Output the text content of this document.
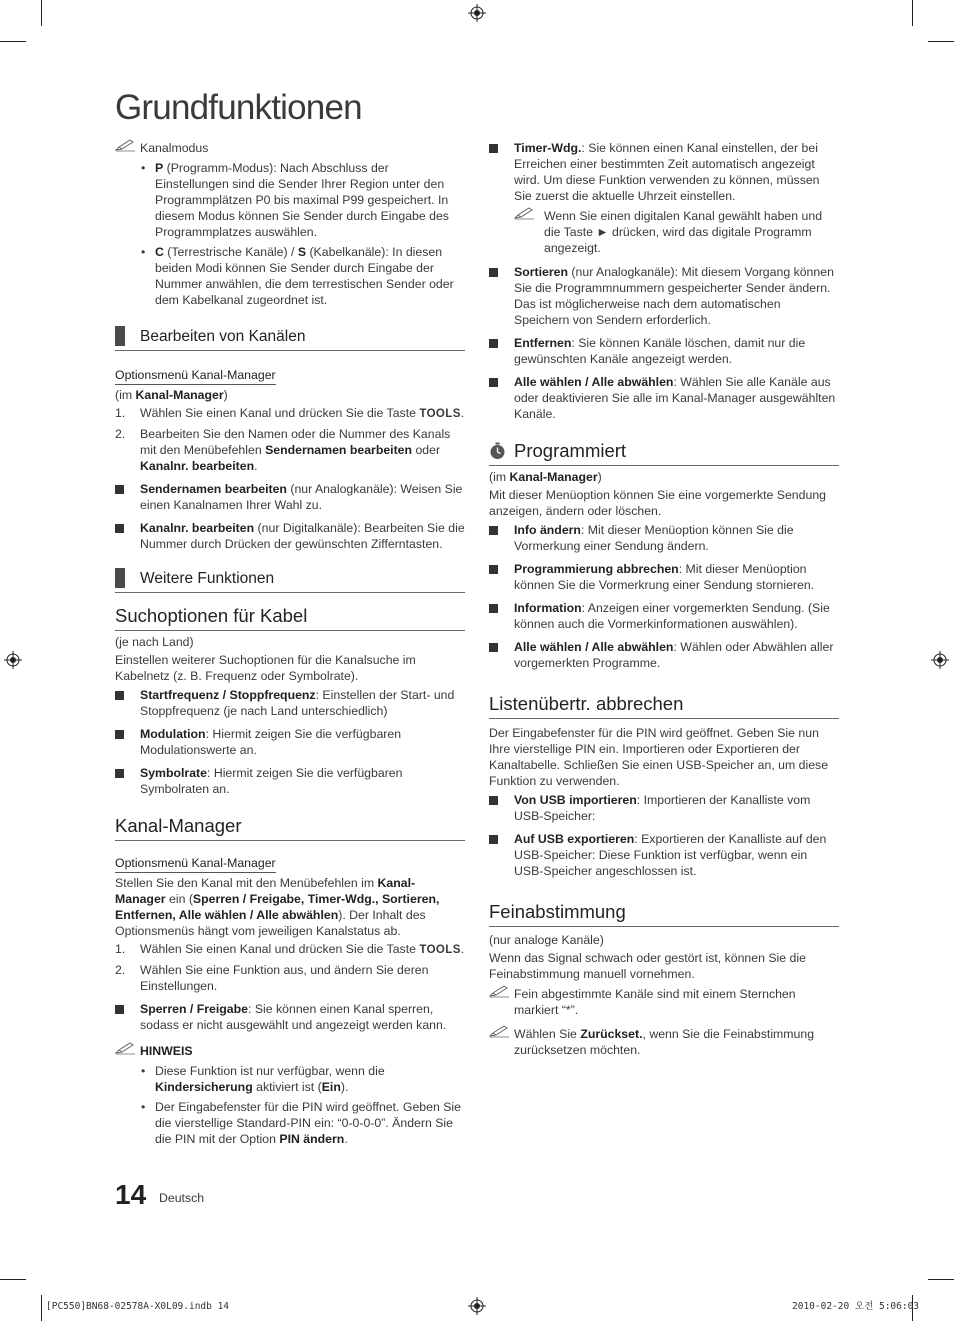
Grundfunktionen
Kanalmodus
• P (Programm-Modus): Nach Abschluss der Einstellungen sind die Sender Ihrer Region unter den Programmplätzen P0 bis maximal P99 gespeichert. In diesem Modus können Sie Sender durch Eingabe des Programmplatzes auswählen.
• C (Terrestrische Kanäle) / S (Kabelkanäle): In diesen beiden Modi können Sie Sender durch Eingabe der Nummer anwählen, die dem terrestischen Sender oder dem Kabelkanal zugeordnet ist.
Bearbeiten von Kanälen
Optionsmenü Kanal-Manager
(im Kanal-Manager)
1. Wählen Sie einen Kanal und drücken Sie die Taste TOOLS.
2. Bearbeiten Sie den Namen oder die Nummer des Kanals mit den Menübefehlen Sendernamen bearbeiten oder Kanalnr. bearbeiten.
Sendernamen bearbeiten (nur Analogkanäle): Weisen Sie einen Kanalnamen Ihrer Wahl zu.
Kanalnr. bearbeiten (nur Digitalkanäle): Bearbeiten Sie die Nummer durch Drücken der gewünschten Zifferntasten.
Weitere Funktionen
Suchoptionen für Kabel
(je nach Land)
Einstellen weiterer Suchoptionen für die Kanalsuche im Kabelnetz (z. B. Frequenz oder Symbolrate).
Startfrequenz / Stoppfrequenz: Einstellen der Start- und Stoppfrequenz (je nach Land unterschiedlich)
Modulation: Hiermit zeigen Sie die verfügbaren Modulationswerte an.
Symbolrate: Hiermit zeigen Sie die verfügbaren Symbolraten an.
Kanal-Manager
Optionsmenü Kanal-Manager
Stellen Sie den Kanal mit den Menübefehlen im Kanal-Manager ein (Sperren / Freigabe, Timer-Wdg., Sortieren, Entfernen, Alle wählen / Alle abwählen). Der Inhalt des Optionsmenüs hängt vom jeweiligen Kanalstatus ab.
1. Wählen Sie einen Kanal und drücken Sie die Taste TOOLS.
2. Wählen Sie eine Funktion aus, und ändern Sie deren Einstellungen.
Sperren / Freigabe: Sie können einen Kanal sperren, sodass er nicht ausgewählt und angezeigt werden kann.
HINWEIS
• Diese Funktion ist nur verfügbar, wenn die Kindersicherung aktiviert ist (Ein).
• Der Eingabefenster für die PIN wird geöffnet. Geben Sie die vierstellige Standard-PIN ein: “0-0-0-0”. Ändern Sie die PIN mit der Option PIN ändern.
Timer-Wdg.: Sie können einen Kanal einstellen, der bei Erreichen einer bestimmten Zeit automatisch angezeigt wird. Um diese Funktion verwenden zu können, müssen Sie zuerst die aktuelle Uhrzeit einstellen.
Wenn Sie einen digitalen Kanal gewählt haben und die Taste ► drücken, wird das digitale Programm angezeigt.
Sortieren (nur Analogkanäle): Mit diesem Vorgang können Sie die Programmnummern gespeicherter Sender ändern. Das ist möglicherweise nach dem automatischen Speichern von Sendern erforderlich.
Entfernen: Sie können Kanäle löschen, damit nur die gewünschten Kanäle angezeigt werden.
Alle wählen / Alle abwählen: Wählen Sie alle Kanäle aus oder deaktivieren Sie alle im Kanal-Manager ausgewählten Kanäle.
Programmiert
(im Kanal-Manager)
Mit dieser Menüoption können Sie eine vorgemerkte Sendung anzeigen, ändern oder löschen.
Info ändern: Mit dieser Menüoption können Sie die Vormerkung einer Sendung ändern.
Programmierung abbrechen: Mit dieser Menüoption können Sie die Vormerkrung einer Sendung stornieren.
Information: Anzeigen einer vorgemerkten Sendung. (Sie können auch die Vormerkinformationen auswählen).
Alle wählen / Alle abwählen: Wählen oder Abwählen aller vorgemerkten Programme.
Listenübertr. abbrechen
Der Eingabefenster für die PIN wird geöffnet. Geben Sie nun Ihre vierstellige PIN ein. Importieren oder Exportieren der Kanaltabelle. Schließen Sie einen USB-Speicher an, um diese Funktion zu verwenden.
Von USB importieren: Importieren der Kanalliste vom USB-Speicher:
Auf USB exportieren: Exportieren der Kanalliste auf den USB-Speicher: Diese Funktion ist verfügbar, wenn ein USB-Speicher angeschlossen ist.
Feinabstimmung
(nur analoge Kanäle)
Wenn das Signal schwach oder gestört ist, können Sie die Feinabstimmung manuell vornehmen.
Fein abgestimmte Kanäle sind mit einem Sternchen markiert “*”.
Wählen Sie Zurückset., wenn Sie die Feinabstimmung zurücksetzen möchten.
14 Deutsch
[PC550]BN68-02578A-X0L09.indb 14	2010-02-20 오전 5:06:03
